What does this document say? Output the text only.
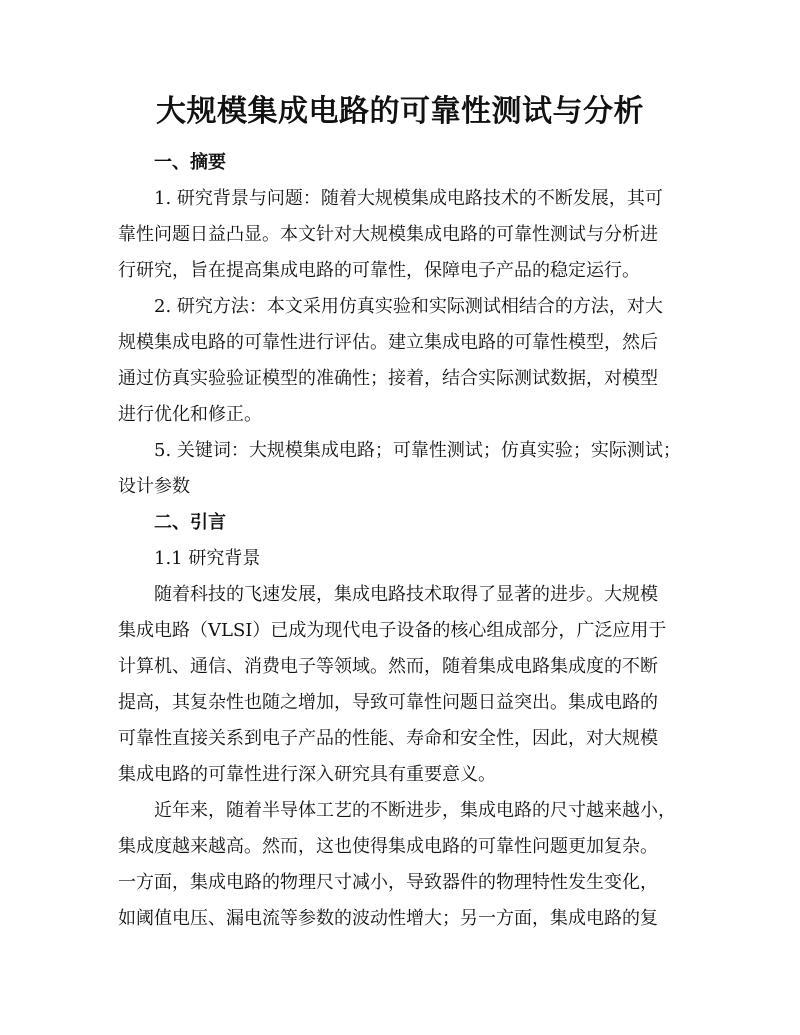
大规模集成电路的可靠性测试与分析

一、摘要

1. 研究背景与问题：随着大规模集成电路技术的不断发展，其可

靠性问题日益凸显。本文针对大规模集成电路的可靠性测试与分析进

行研究，旨在提高集成电路的可靠性，保障电子产品的稳定运行。

2. 研究方法：本文采用仿真实验和实际测试相结合的方法，对大

规模集成电路的可靠性进行评估。建立集成电路的可靠性模型，然后

通过仿真实验验证模型的准确性；接着，结合实际测试数据，对模型

进行优化和修正。

5. 关键词：大规模集成电路；可靠性测试；仿真实验；实际测试；

设计参数

二、引言

1.1 研究背景

随着科技的飞速发展，集成电路技术取得了显著的进步。大规模

集成电路（VLSI）已成为现代电子设备的核心组成部分，广泛应用于

计算机、通信、消费电子等领域。然而，随着集成电路集成度的不断

提高，其复杂性也随之增加，导致可靠性问题日益突出。集成电路的

可靠性直接关系到电子产品的性能、寿命和安全性，因此，对大规模

集成电路的可靠性进行深入研究具有重要意义。

近年来，随着半导体工艺的不断进步，集成电路的尺寸越来越小，

集成度越来越高。然而，这也使得集成电路的可靠性问题更加复杂。

一方面，集成电路的物理尺寸减小，导致器件的物理特性发生变化，

如阈值电压、漏电流等参数的波动性增大；另一方面，集成电路的复
